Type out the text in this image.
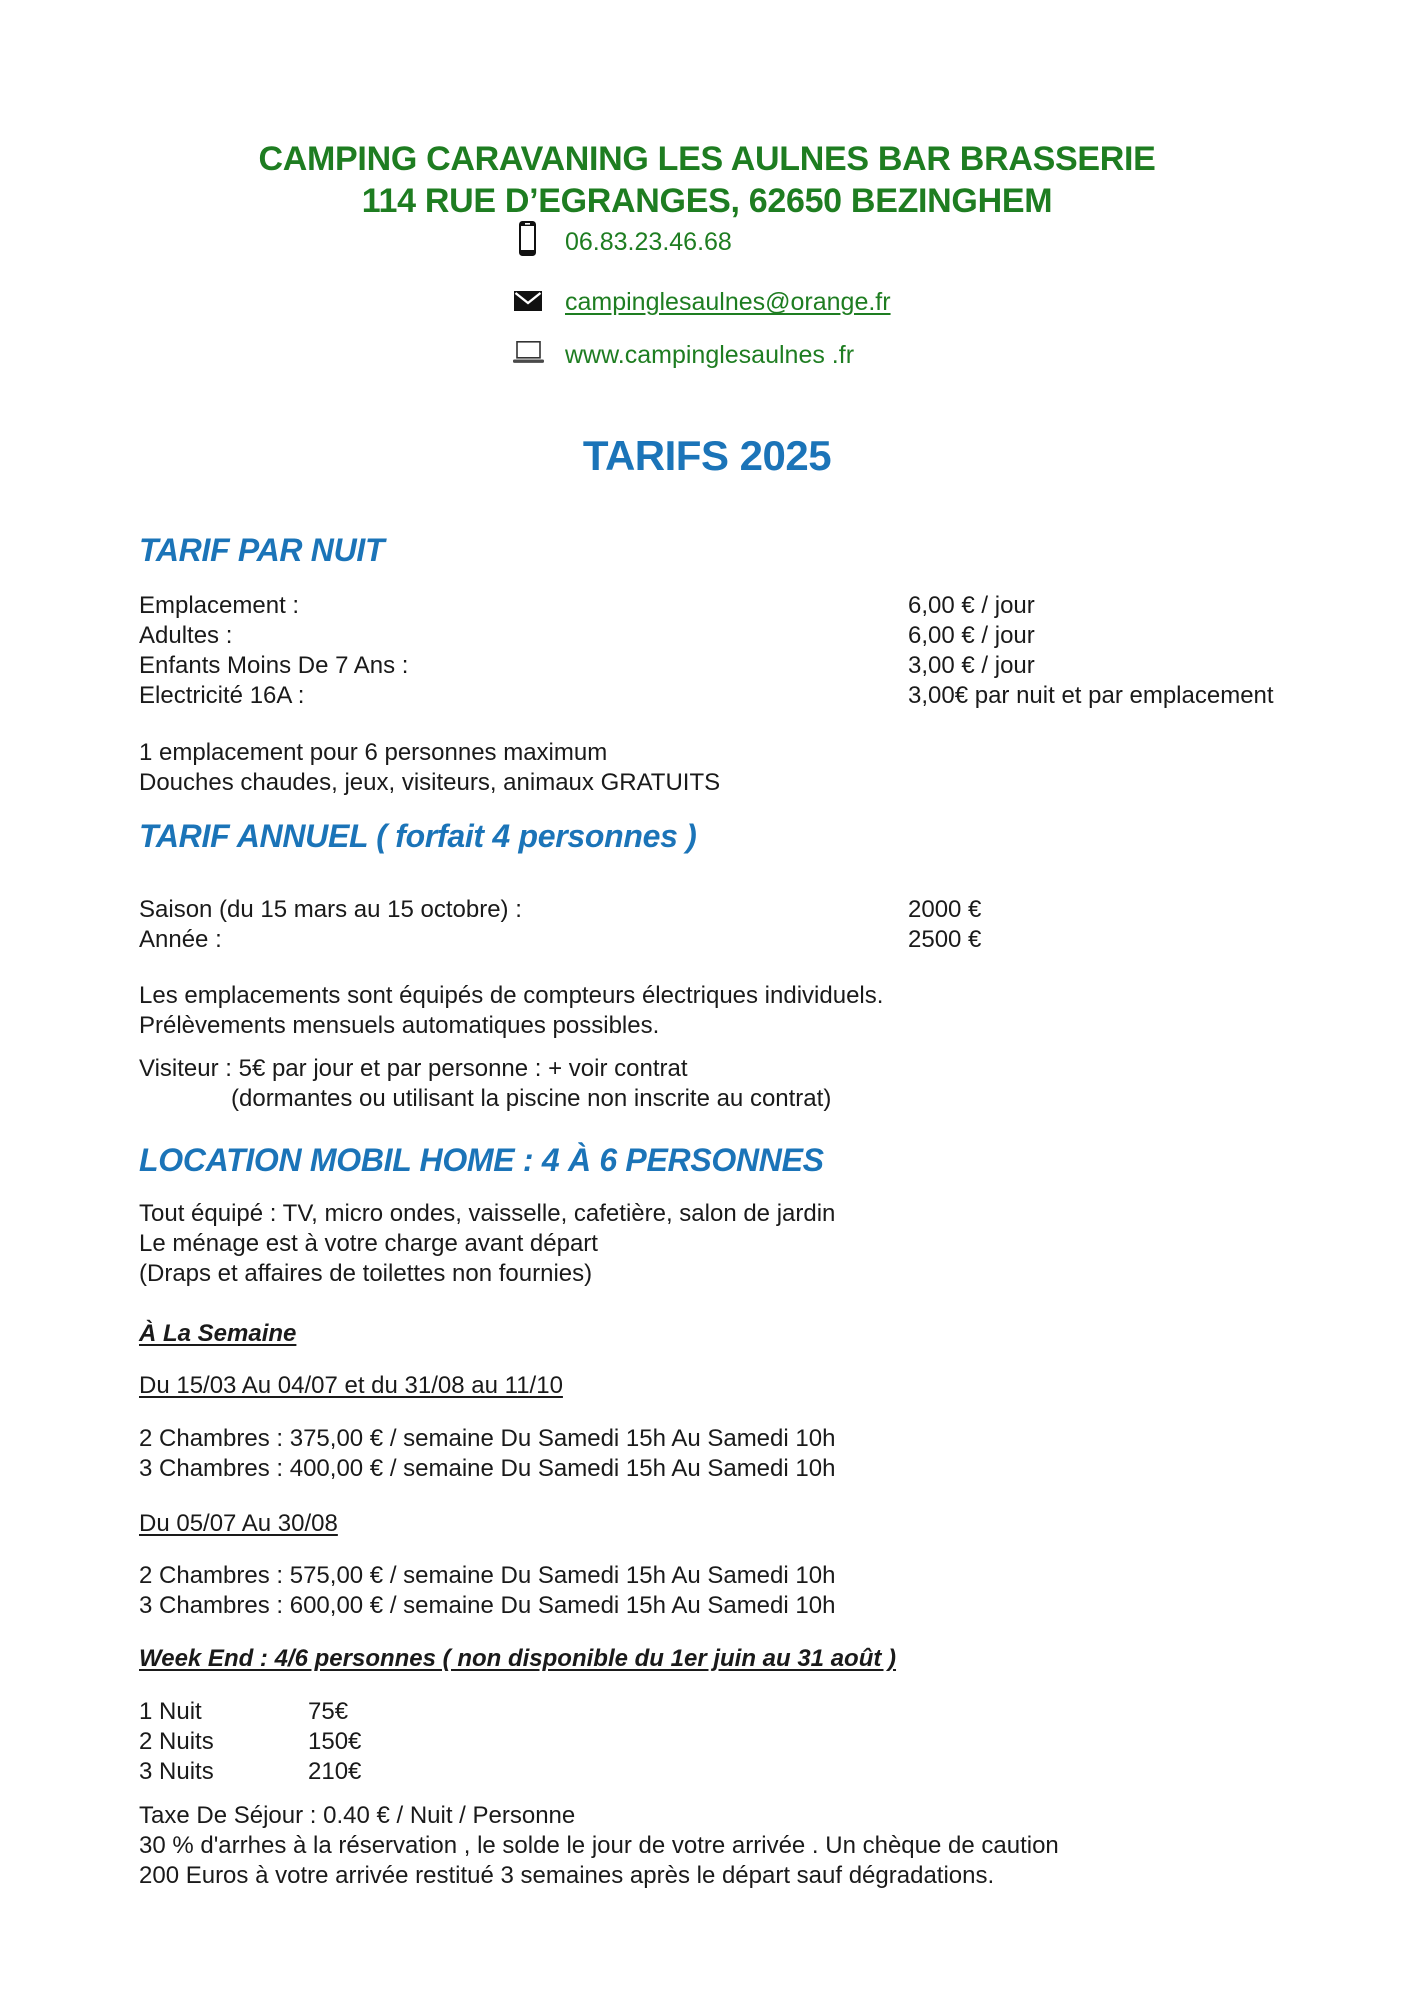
CAMPING CARAVANING LES AULNES BAR BRASSERIE
114 RUE D’EGRANGES, 62650 BEZINGHEM
06.83.23.46.68
campinglesaulnes@orange.fr
www.campinglesaulnes .fr
TARIFS 2025
TARIF PAR NUIT
Emplacement :	6,00 € / jour
Adultes :	6,00 € / jour
Enfants Moins De 7 Ans :	3,00 € / jour
Electricité 16A :	3,00€ par nuit et par emplacement
1 emplacement pour 6 personnes maximum
Douches chaudes, jeux, visiteurs, animaux GRATUITS
TARIF ANNUEL ( forfait 4 personnes )
Saison (du 15 mars au 15 octobre) :	2000 €
Année :	2500 €
Les emplacements sont équipés de compteurs électriques individuels.
Prélèvements mensuels automatiques possibles.
Visiteur : 5€ par jour et par personne : + voir contrat
(dormantes ou utilisant la piscine non inscrite au contrat)
LOCATION MOBIL HOME : 4 À 6 PERSONNES
Tout équipé : TV, micro ondes, vaisselle, cafetière, salon de jardin
Le ménage est à votre charge avant départ
(Draps et affaires de toilettes non fournies)
À La Semaine
Du 15/03 Au 04/07 et du 31/08 au 11/10
2 Chambres : 375,00 € / semaine Du Samedi 15h Au Samedi 10h
3 Chambres : 400,00 € / semaine Du Samedi 15h Au Samedi 10h
Du 05/07 Au 30/08
2 Chambres : 575,00 € / semaine Du Samedi 15h Au Samedi 10h
3 Chambres : 600,00 € / semaine Du Samedi 15h Au Samedi 10h
Week End : 4/6 personnes ( non disponible du 1er juin au 31 août )
1 Nuit	75€
2 Nuits	150€
3 Nuits	210€
Taxe De Séjour : 0.40 € / Nuit / Personne
30 % d'arrhes à la réservation , le solde le jour de votre arrivée . Un chèque de caution
200 Euros à votre arrivée restitué 3 semaines après le départ sauf dégradations.
